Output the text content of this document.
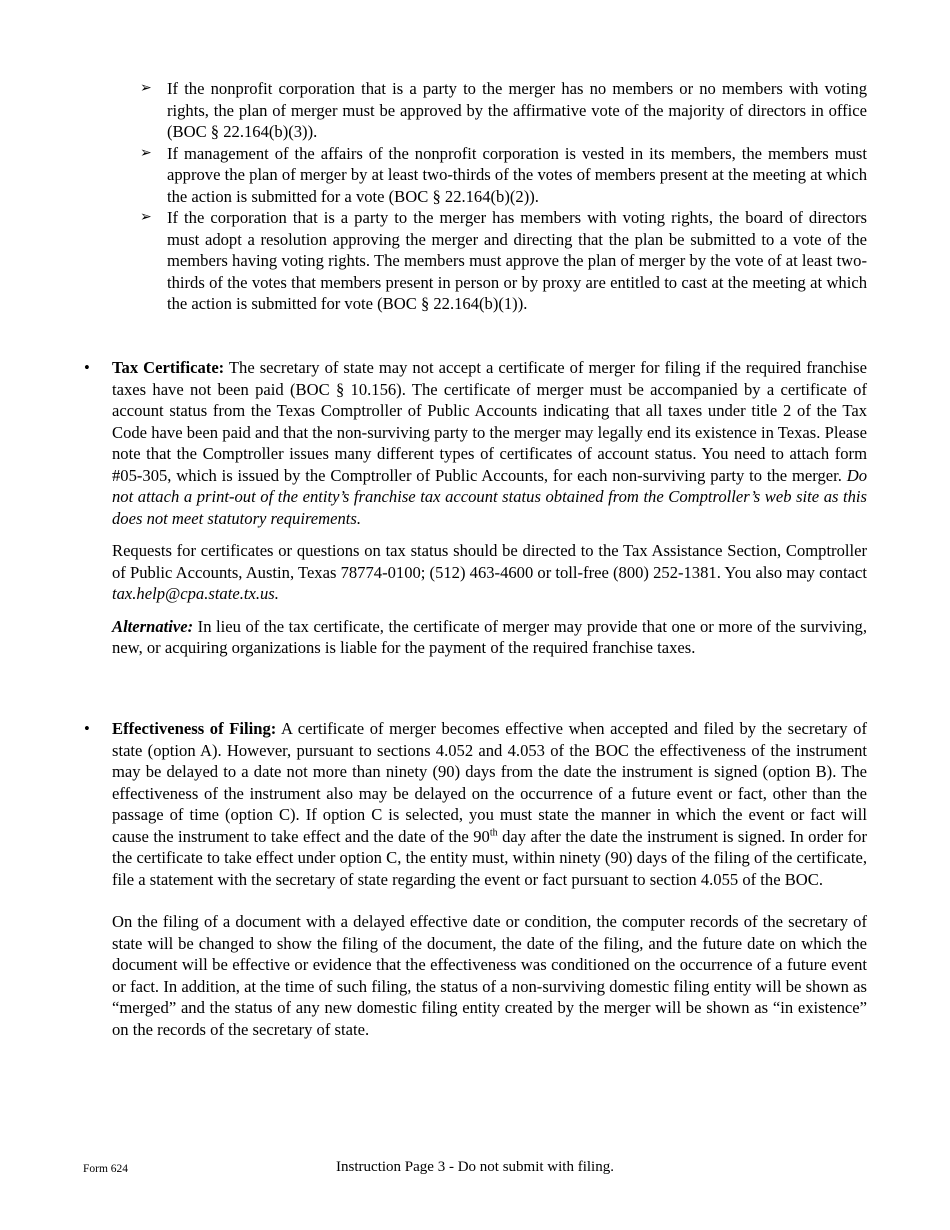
➢ If the nonprofit corporation that is a party to the merger has no members or no members with voting rights, the plan of merger must be approved by the affirmative vote of the majority of directors in office (BOC § 22.164(b)(3)).
➢ If management of the affairs of the nonprofit corporation is vested in its members, the members must approve the plan of merger by at least two-thirds of the votes of members present at the meeting at which the action is submitted for a vote (BOC § 22.164(b)(2)).
➢ If the corporation that is a party to the merger has members with voting rights, the board of directors must adopt a resolution approving the merger and directing that the plan be submitted to a vote of the members having voting rights. The members must approve the plan of merger by the vote of at least two-thirds of the votes that members present in person or by proxy are entitled to cast at the meeting at which the action is submitted for vote (BOC § 22.164(b)(1)).
• Tax Certificate: The secretary of state may not accept a certificate of merger for filing if the required franchise taxes have not been paid (BOC § 10.156). The certificate of merger must be accompanied by a certificate of account status from the Texas Comptroller of Public Accounts indicating that all taxes under title 2 of the Tax Code have been paid and that the non-surviving party to the merger may legally end its existence in Texas. Please note that the Comptroller issues many different types of certificates of account status. You need to attach form #05-305, which is issued by the Comptroller of Public Accounts, for each non-surviving party to the merger. Do not attach a print-out of the entity’s franchise tax account status obtained from the Comptroller’s web site as this does not meet statutory requirements.

Requests for certificates or questions on tax status should be directed to the Tax Assistance Section, Comptroller of Public Accounts, Austin, Texas 78774-0100; (512) 463-4600 or toll-free (800) 252-1381. You also may contact tax.help@cpa.state.tx.us.

Alternative: In lieu of the tax certificate, the certificate of merger may provide that one or more of the surviving, new, or acquiring organizations is liable for the payment of the required franchise taxes.

• Effectiveness of Filing: A certificate of merger becomes effective when accepted and filed by the secretary of state (option A). However, pursuant to sections 4.052 and 4.053 of the BOC the effectiveness of the instrument may be delayed to a date not more than ninety (90) days from the date the instrument is signed (option B). The effectiveness of the instrument also may be delayed on the occurrence of a future event or fact, other than the passage of time (option C). If option C is selected, you must state the manner in which the event or fact will cause the instrument to take effect and the date of the 90th day after the date the instrument is signed. In order for the certificate to take effect under option C, the entity must, within ninety (90) days of the filing of the certificate, file a statement with the secretary of state regarding the event or fact pursuant to section 4.055 of the BOC.

On the filing of a document with a delayed effective date or condition, the computer records of the secretary of state will be changed to show the filing of the document, the date of the filing, and the future date on which the document will be effective or evidence that the effectiveness was conditioned on the occurrence of a future event or fact. In addition, at the time of such filing, the status of a non-surviving domestic filing entity will be shown as “merged” and the status of any new domestic filing entity created by the merger will be shown as “in existence” on the records of the secretary of state.

Form 624	Instruction Page 3 - Do not submit with filing.
